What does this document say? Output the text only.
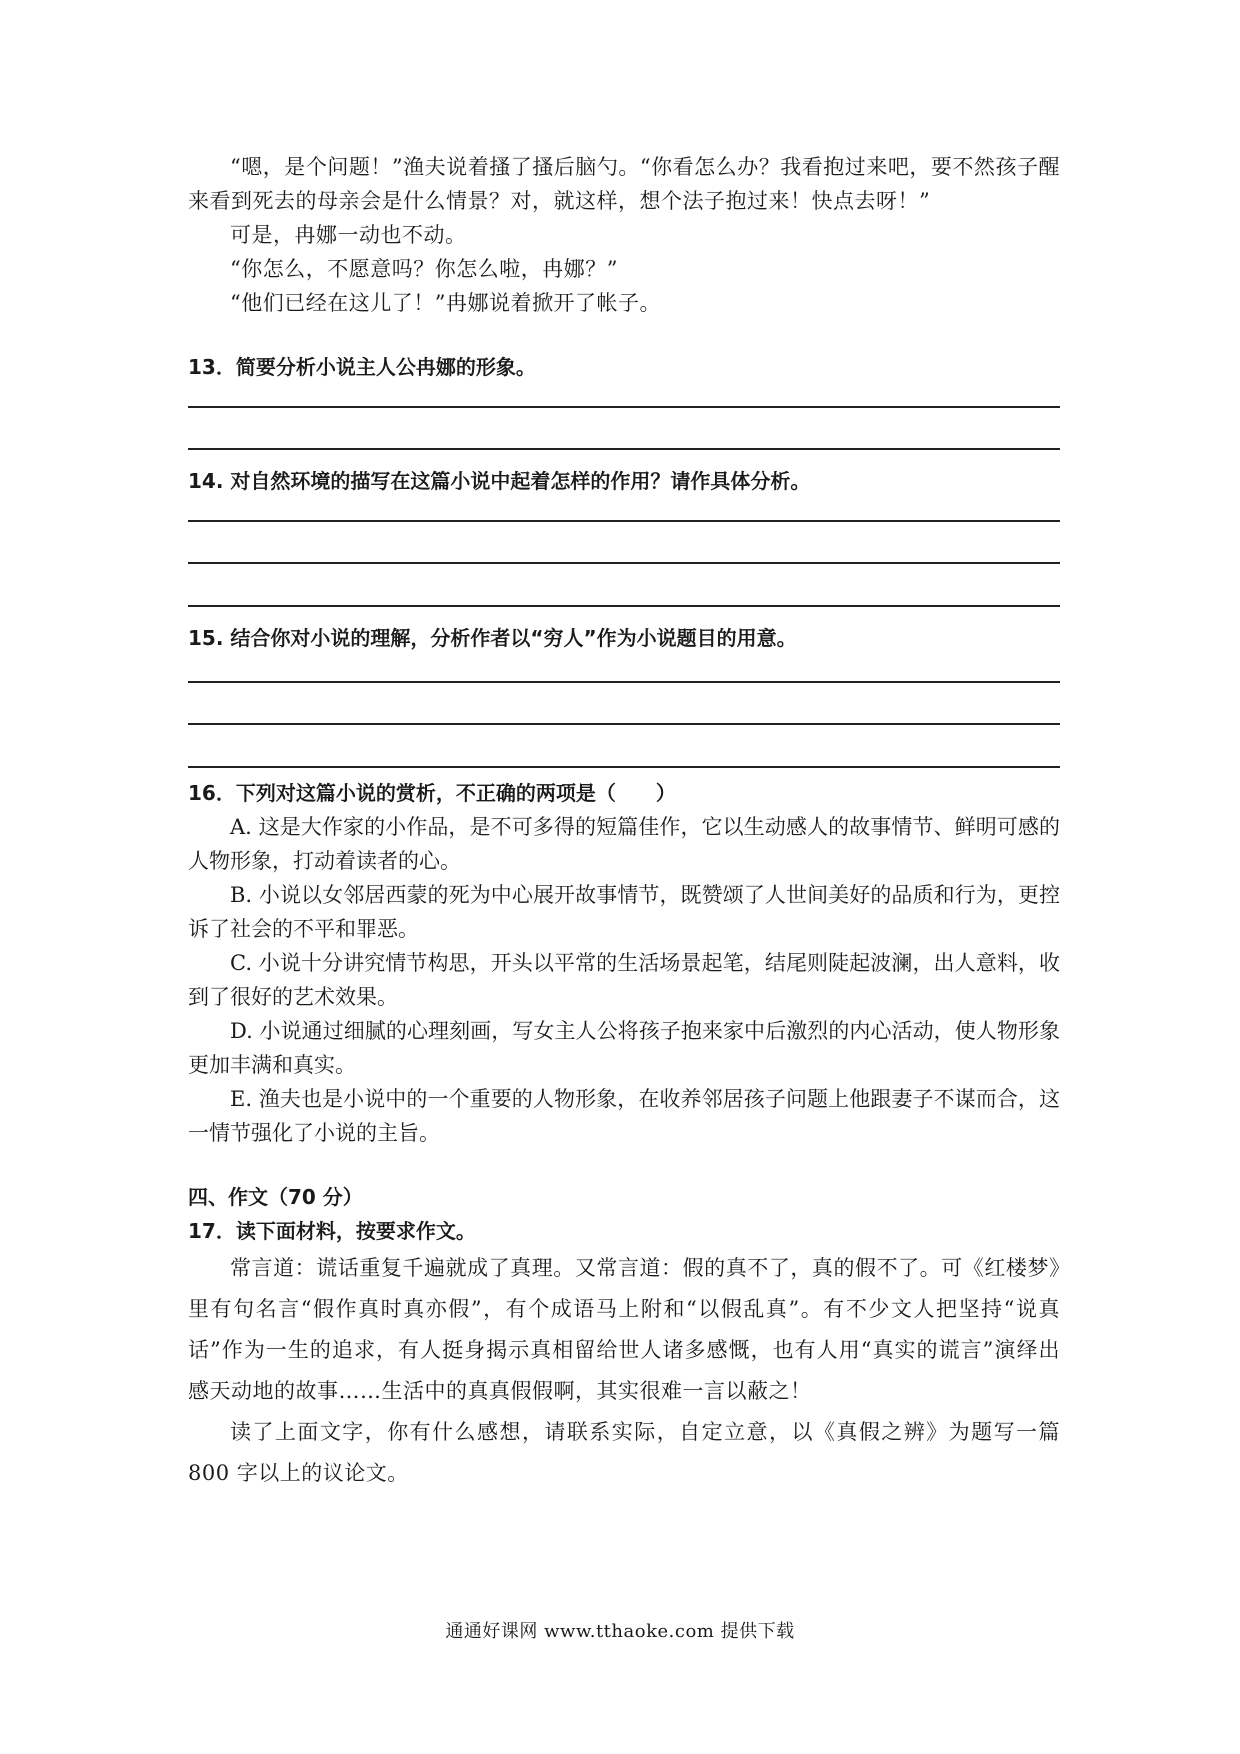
“嗯，是个问题！”渔夫说着搔了搔后脑勺。“你看怎么办？我看抱过来吧，要不然孩子醒来看到死去的母亲会是什么情景？对，就这样，想个法子抱过来！快点去呀！”

可是，冉娜一动也不动。

“你怎么，不愿意吗？你怎么啦，冉娜？”

“他们已经在这儿了！”冉娜说着掀开了帐子。

13．简要分析小说主人公冉娜的形象。

14. 对自然环境的描写在这篇小说中起着怎样的作用？请作具体分析。

15. 结合你对小说的理解，分析作者以“穷人”作为小说题目的用意。

16．下列对这篇小说的赏析，不正确的两项是（　　）

A. 这是大作家的小作品，是不可多得的短篇佳作，它以生动感人的故事情节、鲜明可感的人物形象，打动着读者的心。

B. 小说以女邻居西蒙的死为中心展开故事情节，既赞颂了人世间美好的品质和行为，更控诉了社会的不平和罪恶。

C. 小说十分讲究情节构思，开头以平常的生活场景起笔，结尾则陡起波澜，出人意料，收到了很好的艺术效果。

D. 小说通过细腻的心理刻画，写女主人公将孩子抱来家中后激烈的内心活动，使人物形象更加丰满和真实。

E. 渔夫也是小说中的一个重要的人物形象，在收养邻居孩子问题上他跟妻子不谋而合，这一情节强化了小说的主旨。

四、作文（70 分）

17．读下面材料，按要求作文。

常言道：谎话重复千遍就成了真理。又常言道：假的真不了，真的假不了。可《红楼梦》里有句名言“假作真时真亦假”，有个成语马上附和“以假乱真”。有不少文人把坚持“说真话”作为一生的追求，有人挺身揭示真相留给世人诸多感慨，也有人用“真实的谎言”演绎出感天动地的故事……生活中的真真假假啊，其实很难一言以蔽之！

读了上面文字，你有什么感想，请联系实际，自定立意，以《真假之辨》为题写一篇 800 字以上的议论文。

通通好课网 www.tthaoke.com 提供下载
